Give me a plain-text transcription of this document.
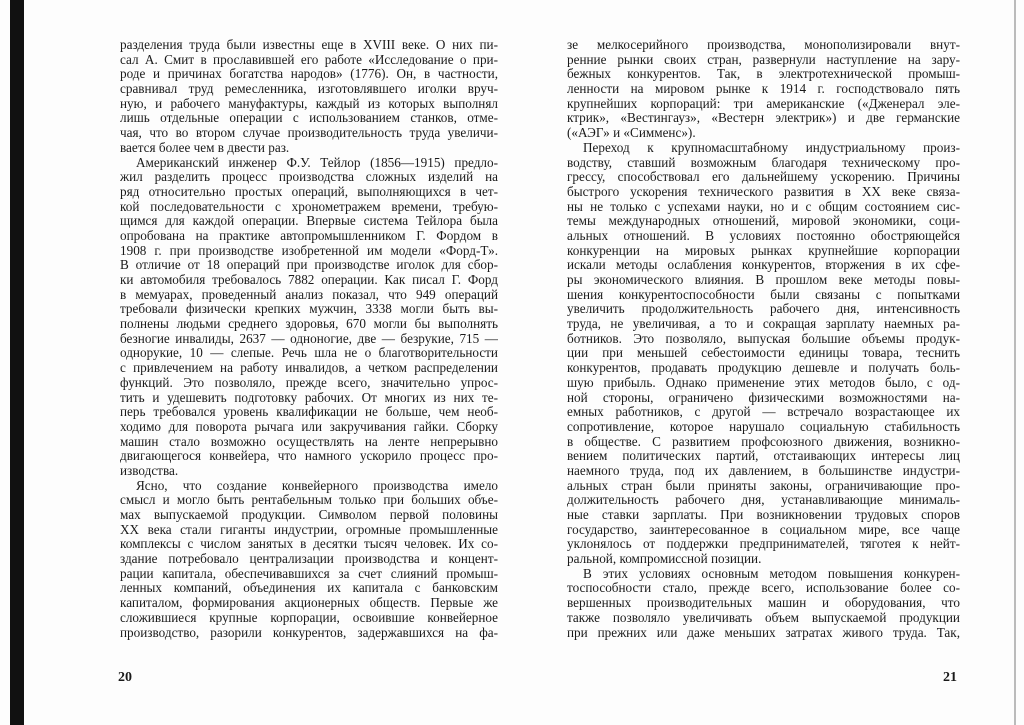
разделения труда были известны еще в XVIII веке. О них пи-
сал А. Смит в прославившей его работе «Исследование о при-
роде и причинах богатства народов» (1776). Он, в частности,
сравнивал труд ремесленника, изготовлявшего иголки вруч-
ную, и рабочего мануфактуры, каждый из которых выполнял
лишь отдельные операции с использованием станков, отме-
чая, что во втором случае производительность труда увеличи-
вается более чем в двести раз.
Американский инженер Ф.У. Тейлор (1856—1915) предло-
жил разделить процесс производства сложных изделий на
ряд относительно простых операций, выполняющихся в чет-
кой последовательности с хронометражем времени, требую-
щимся для каждой операции. Впервые система Тейлора была
опробована на практике автопромышленником Г. Фордом в
1908 г. при производстве изобретенной им модели «Форд-Т».
В отличие от 18 операций при производстве иголок для сбор-
ки автомобиля требовалось 7882 операции. Как писал Г. Форд
в мемуарах, проведенный анализ показал, что 949 операций
требовали физически крепких мужчин, 3338 могли быть вы-
полнены людьми среднего здоровья, 670 могли бы выполнять
безногие инвалиды, 2637 — одноногие, две — безрукие, 715 —
однорукие, 10 — слепые. Речь шла не о благотворительности
с привлечением на работу инвалидов, а четком распределении
функций. Это позволяло, прежде всего, значительно упрос-
тить и удешевить подготовку рабочих. От многих из них те-
перь требовался уровень квалификации не больше, чем необ-
ходимо для поворота рычага или закручивания гайки. Сборку
машин стало возможно осуществлять на ленте непрерывно
двигающегося конвейера, что намного ускорило процесс про-
изводства.
Ясно, что создание конвейерного производства имело
смысл и могло быть рентабельным только при больших объе-
мах выпускаемой продукции. Символом первой половины
XX века стали гиганты индустрии, огромные промышленные
комплексы с числом занятых в десятки тысяч человек. Их со-
здание потребовало централизации производства и концент-
рации капитала, обеспечивавшихся за счет слияний промыш-
ленных компаний, объединения их капитала с банковским
капиталом, формирования акционерных обществ. Первые же
сложившиеся крупные корпорации, освоившие конвейерное
производство, разорили конкурентов, задержавшихся на фа-
зе мелкосерийного производства, монополизировали внут-
ренние рынки своих стран, развернули наступление на зару-
бежных конкурентов. Так, в электротехнической промыш-
ленности на мировом рынке к 1914 г. господствовало пять
крупнейших корпораций: три американские («Дженерал эле-
ктрик», «Вестингауз», «Вестерн электрик») и две германские
(«АЭГ» и «Симменс»).
Переход к крупномасштабному индустриальному произ-
водству, ставший возможным благодаря техническому про-
грессу, способствовал его дальнейшему ускорению. Причины
быстрого ускорения технического развития в XX веке связа-
ны не только с успехами науки, но и с общим состоянием сис-
темы международных отношений, мировой экономики, соци-
альных отношений. В условиях постоянно обостряющейся
конкуренции на мировых рынках крупнейшие корпорации
искали методы ослабления конкурентов, вторжения в их сфе-
ры экономического влияния. В прошлом веке методы повы-
шения конкурентоспособности были связаны с попытками
увеличить продолжительность рабочего дня, интенсивность
труда, не увеличивая, а то и сокращая зарплату наемных ра-
ботников. Это позволяло, выпуская большие объемы продук-
ции при меньшей себестоимости единицы товара, теснить
конкурентов, продавать продукцию дешевле и получать боль-
шую прибыль. Однако применение этих методов было, с од-
ной стороны, ограничено физическими возможностями на-
емных работников, с другой — встречало возрастающее их
сопротивление, которое нарушало социальную стабильность
в обществе. С развитием профсоюзного движения, возникно-
вением политических партий, отстаивающих интересы лиц
наемного труда, под их давлением, в большинстве индустри-
альных стран были приняты законы, ограничивающие про-
должительность рабочего дня, устанавливающие минималь-
ные ставки зарплаты. При возникновении трудовых споров
государство, заинтересованное в социальном мире, все чаще
уклонялось от поддержки предпринимателей, тяготея к нейт-
ральной, компромиссной позиции.
В этих условиях основным методом повышения конкурен-
тоспособности стало, прежде всего, использование более со-
вершенных производительных машин и оборудования, что
также позволяло увеличивать объем выпускаемой продукции
при прежних или даже меньших затратах живого труда. Так,
20	21
